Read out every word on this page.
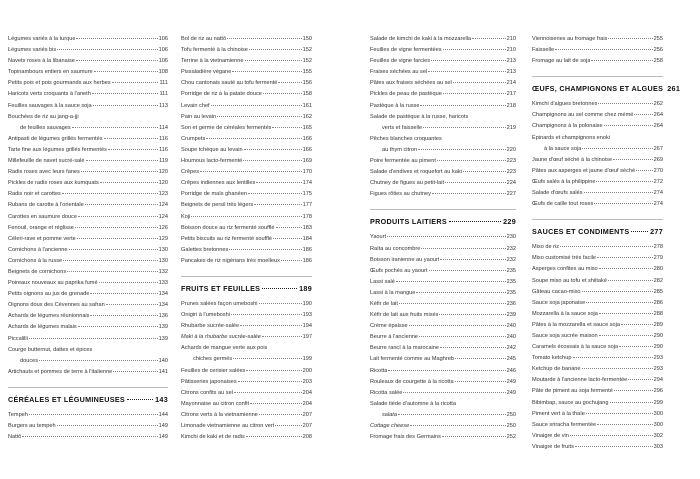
Légumes variés à la turque	106
Légumes variés bis	106
Navets roses à la libanaise	106
Topinambours entiers en saumure	108
Petits pois et pois gourmands aux herbes	111
Haricots verts croquants à l'aneth	111
Feuilles sauvages à la sauce soja	113
Bouchées de riz au jang-a-jji
de feuilles sauvages	114
Antipasti de légumes grillés fermentés	116
Tarte fine aux légumes grillés fermentés	116
Millefeuille de navet sucré-salé	119
Radis roses avec leurs fanes	120
Pickles de radis roses aux kumquats	120
Radis noir et carottes	123
Rubans de carotte à l'orientale	124
Carottes en saumure douce	124
Fenouil, orange et réglisse	126
Céleri-rave et pomme verte	129
Cornichons à l'ancienne	130
Cornichons à la russe	130
Beignets de cornichons	132
Poireaux nouveaux au paprika fumé	133
Petits oignons au jus de grenade	134
Oignons doux des Cévennes au safran	134
Achards de légumes réunionnais	136
Achards de légumes malais	139
Piccalilli	139
Courge butternut, dattes et épices
douces	140
Artichauts et pommes de terre à l'italienne	141
CÉRÉALES ET LÉGUMINEUSES	143
Tempeh	144
Burgers au tempeh	149
Nattō	149
Bol de riz au nattō	150
Tofu fermenté à la chinoise	152
Terrine à la vietnamienne	152
Pissaladière végane	155
Chou cantonais sauté au tofu fermenté	156
Porridge de riz à la patate douce	158
Levain chef	161
Pain au levain	162
Son et germe de céréales fermentés	165
Crumpets	166
Soupe tchèque au levain	166
Houmous lacto-fermenté	169
Crêpes	170
Crêpes indiennes aux lentilles	174
Porridge de maïs ghanéen	175
Beignets de persil très légers	177
Koji	178
Boisson douce au riz fermenté soufflé	183
Petits biscuits au riz fermenté soufflé	184
Galettes bretonnes	186
Pancakes de riz nigérians très moelleux	186
FRUITS ET FEUILLES	189
Prunes salées façon umeboshi	190
Onigiri à l'umeboshi	193
Rhubarbe sucrée-salée	194
Maki à la rhubarbe sucrée-salée	197
Achards de mangue verte aux pois
chiches germés	199
Feuilles de cerisier salées	200
Pâtisseries japonaises	203
Citrons confits au sel	204
Mayonnaise au citron confit	204
Citrons verts à la vietnamienne	207
Limonade vietnamienne au citron vert	207
Kimchi de kaki et de radis	208
Salade de kimchi de kaki à la mozzarella	210
Feuilles de vigne fermentées	210
Feuilles de vigne farcies	213
Fraises séchées au sel	213
Pâtes aux fraises séchées au sel	214
Pickles de peau de pastèque	217
Pastèque à la russe	218
Salade de pastèque à la russe, haricots
verts et faisselle	219
Pêches blanches croquantes
au thym citron	220
Poire fermentée au piment	223
Salade d'endives et roquefort au kaki	223
Chutney de figues au petit-lait	224
Figues rôties au chutney	227
PRODUITS LAITIERS	229
Yaourt	230
Raïta au concombre	232
Boisson iranienne au yaourt	232
Œufs pochés au yaourt	235
Lassi salé	235
Lassi à la mangue	235
Kéfir de lait	236
Kéfir de lait aux fruits mixés	239
Crème épaisse	240
Beurre à l'ancienne	240
Beurre rancí à la marocaine	242
Lait fermenté comme au Maghreb	245
Ricotta	246
Rouleaux de courgette à la ricotta	249
Ricotta salée	249
Salade tiède d'automne à la ricotta
salata	250
Cottage cheese	250
Fromage frais des Germains	252
Viennoiseries au fromage frais	255
Faisselle	256
Fromage au lait de soja	258
ŒUFS, CHAMPIGNONS ET ALGUES 261
Kimchi d'algues bretonnes	262
Champignons au sel comme chez mémé	264
Champignons à la polonaise	264
Épinards et champignons enoki
à la sauce soja	267
Jaune d'œuf séché à la chinoise	269
Pâtes aux asperges et jaune d'œuf séché	270
Œufs salés à la philippine	272
Salade d'œufs salés	274
Œufs de caille tout roses	274
SAUCES ET CONDIMENTS	277
Miso de riz	278
Miso customisé très facile	279
Asperges confites au miso	280
Soupe miso au tofu et shiitaké	282
Gâteau cacao-miso	285
Sauce soja japonaise	286
Mozzarella à la sauce soja	288
Pâtes à la mozzarella et sauce soja	289
Sauce soja sucrée maison	290
Caramels écossais à la sauce soja	290
Tomato ketchup	293
Ketchup de banane	293
Moutarde à l'ancienne lacto-fermentée	294
Pâte de piment au soja fermenté	296
Bibimbap, sauce au gochujang	299
Piment vert à la thaïe	300
Sauce sriracha fermentée	300
Vinaigre de vin	302
Vinaigre de fruits	303
